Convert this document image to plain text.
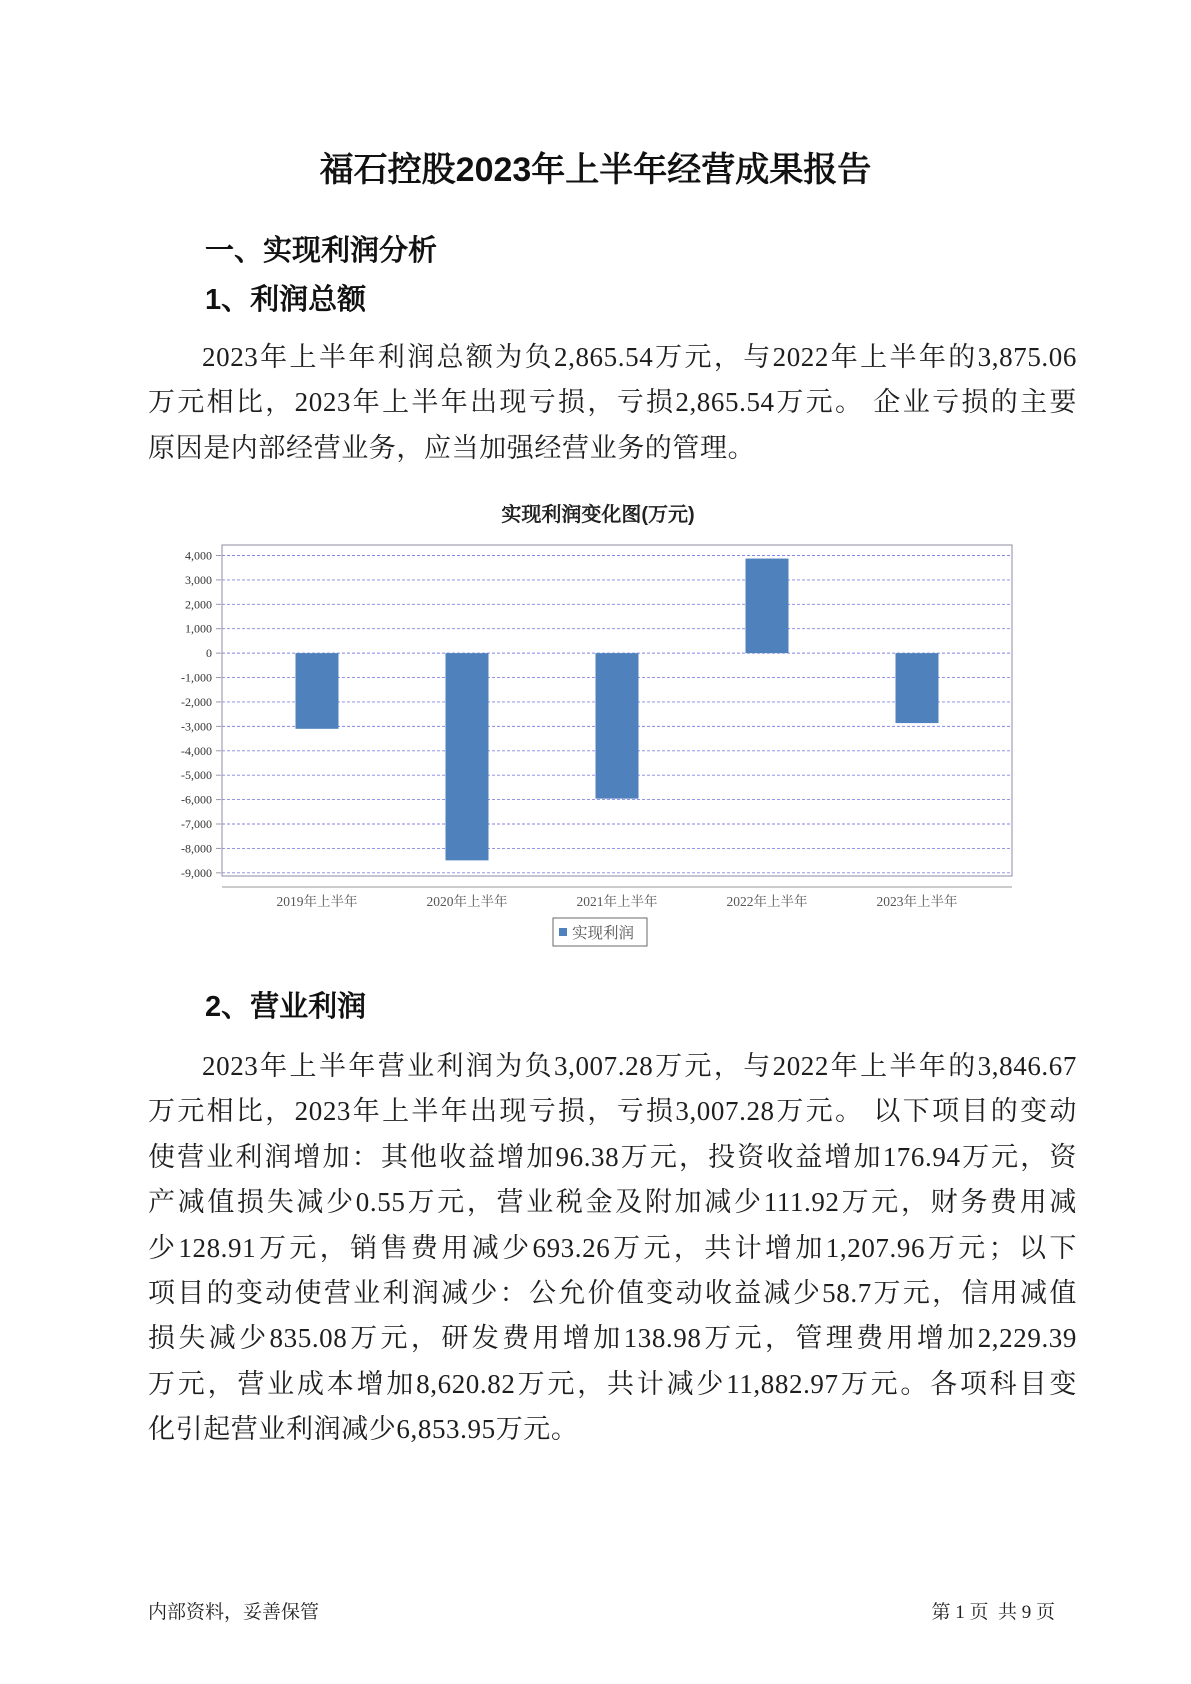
福石控股2023年上半年经营成果报告
一、实现利润分析
1、利润总额
2023年上半年利润总额为负2,865.54万元，与2022年上半年的3,875.06
万元相比，2023年上半年出现亏损，亏损2,865.54万元。 企业亏损的主要
原因是内部经营业务，应当加强经营业务的管理。
实现利润变化图(万元)
4,000
3,000
2,000
1,000
0
-1,000
-2,000
-3,000
-4,000
-5,000
-6,000
-7,000
-8,000
-9,000
2019年上半年	2020年上半年	2021年上半年	2022年上半年	2023年上半年
实现利润
2、营业利润
2023年上半年营业利润为负3,007.28万元，与2022年上半年的3,846.67
万元相比，2023年上半年出现亏损，亏损3,007.28万元。 以下项目的变动
使营业利润增加：其他收益增加96.38万元，投资收益增加176.94万元，资
产减值损失减少0.55万元，营业税金及附加减少111.92万元，财务费用减
少128.91万元，销售费用减少693.26万元，共计增加1,207.96万元；以下
项目的变动使营业利润减少：公允价值变动收益减少58.7万元，信用减值
损失减少835.08万元，研发费用增加138.98万元，管理费用增加2,229.39
万元，营业成本增加8,620.82万元，共计减少11,882.97万元。各项科目变
化引起营业利润减少6,853.95万元。
内部资料，妥善保管	第 1 页  共 9 页
